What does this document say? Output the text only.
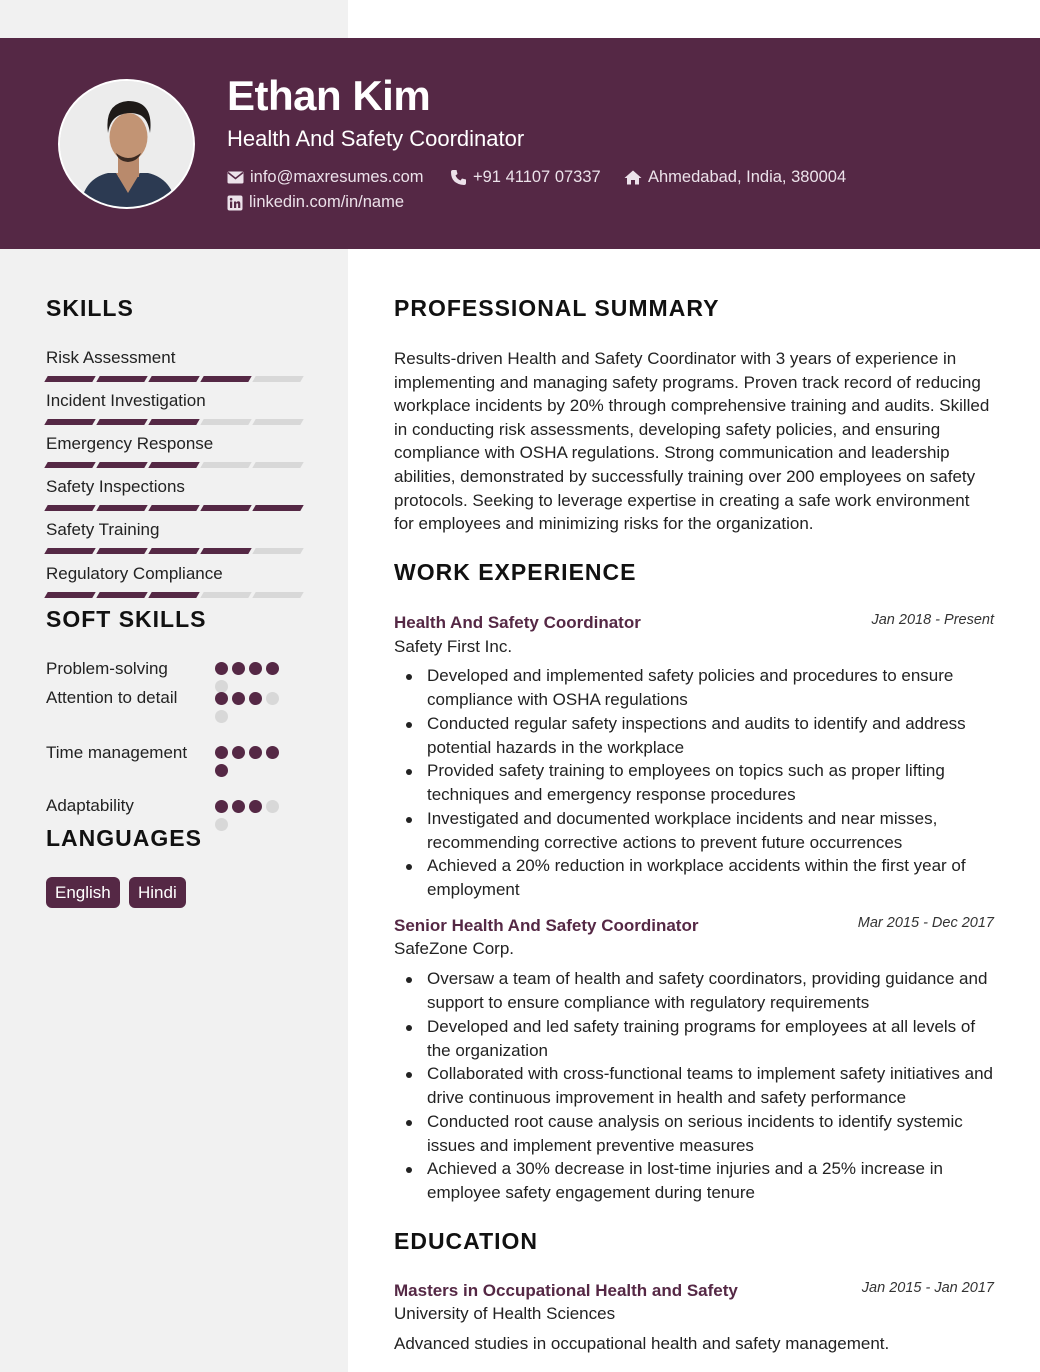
Ethan Kim
Health And Safety Coordinator
info@maxresumes.com	+91 41107 07337	Ahmedabad, India, 380004
linkedin.com/in/name
SKILLS
Risk Assessment
Incident Investigation
Emergency Response
Safety Inspections
Safety Training
Regulatory Compliance
SOFT SKILLS
Problem-solving
Attention to detail
Time management
Adaptability
LANGUAGES
English	Hindi
PROFESSIONAL SUMMARY
Results-driven Health and Safety Coordinator with 3 years of experience in implementing and managing safety programs. Proven track record of reducing workplace incidents by 20% through comprehensive training and audits. Skilled in conducting risk assessments, developing safety policies, and ensuring compliance with OSHA regulations. Strong communication and leadership abilities, demonstrated by successfully training over 200 employees on safety protocols. Seeking to leverage expertise in creating a safe work environment for employees and minimizing risks for the organization.
WORK EXPERIENCE
Health And Safety Coordinator	Jan 2018 - Present
Safety First Inc.
Developed and implemented safety policies and procedures to ensure compliance with OSHA regulations
Conducted regular safety inspections and audits to identify and address potential hazards in the workplace
Provided safety training to employees on topics such as proper lifting techniques and emergency response procedures
Investigated and documented workplace incidents and near misses, recommending corrective actions to prevent future occurrences
Achieved a 20% reduction in workplace accidents within the first year of employment
Senior Health And Safety Coordinator	Mar 2015 - Dec 2017
SafeZone Corp.
Oversaw a team of health and safety coordinators, providing guidance and support to ensure compliance with regulatory requirements
Developed and led safety training programs for employees at all levels of the organization
Collaborated with cross-functional teams to implement safety initiatives and drive continuous improvement in health and safety performance
Conducted root cause analysis on serious incidents to identify systemic issues and implement preventive measures
Achieved a 30% decrease in lost-time injuries and a 25% increase in employee safety engagement during tenure
EDUCATION
Masters in Occupational Health and Safety	Jan 2015 - Jan 2017
University of Health Sciences
Advanced studies in occupational health and safety management.
